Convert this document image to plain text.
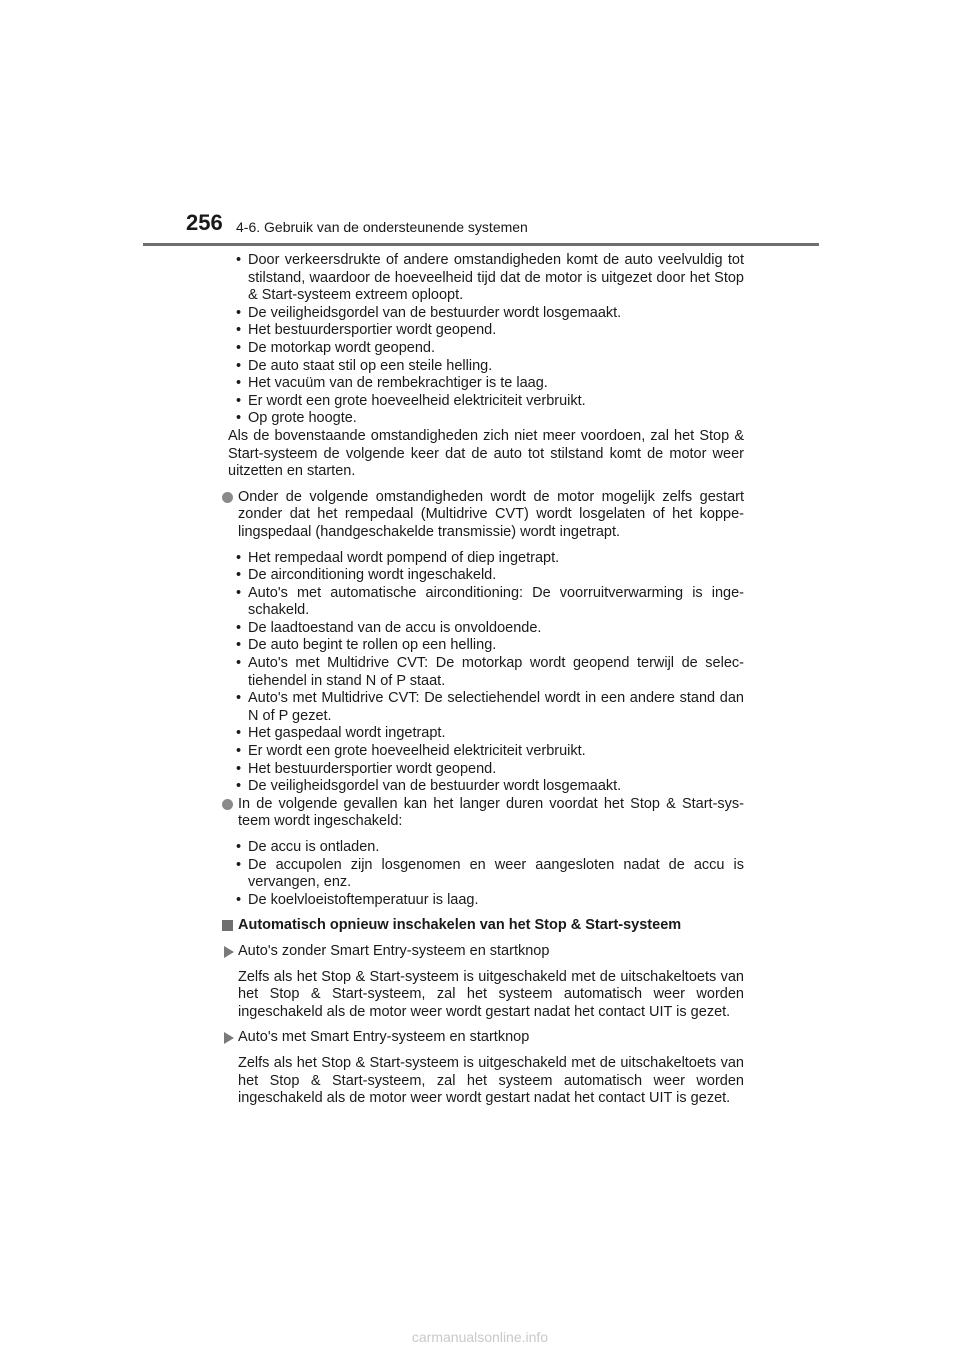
256 4-6. Gebruik van de ondersteunende systemen
• Door verkeersdrukte of andere omstandigheden komt de auto veelvuldig tot stilstand, waardoor de hoeveelheid tijd dat de motor is uitgezet door het Stop & Start-systeem extreem oploopt.
• De veiligheidsgordel van de bestuurder wordt losgemaakt.
• Het bestuurdersportier wordt geopend.
• De motorkap wordt geopend.
• De auto staat stil op een steile helling.
• Het vacuüm van de rembekrachtiger is te laag.
• Er wordt een grote hoeveelheid elektriciteit verbruikt.
• Op grote hoogte.

Als de bovenstaande omstandigheden zich niet meer voordoen, zal het Stop & Start-systeem de volgende keer dat de auto tot stilstand komt de motor weer uitzetten en starten.

Onder de volgende omstandigheden wordt de motor mogelijk zelfs gestart zonder dat het rempedaal (Multidrive CVT) wordt losgelaten of het koppe-lingspedaal (handgeschakelde transmissie) wordt ingetrapt.
• Het rempedaal wordt pompend of diep ingetrapt.
• De airconditioning wordt ingeschakeld.
• Auto's met automatische airconditioning: De voorruitverwarming is inge-schakeld.
• De laadtoestand van de accu is onvoldoende.
• De auto begint te rollen op een helling.
• Auto's met Multidrive CVT: De motorkap wordt geopend terwijl de selec-tiehendel in stand N of P staat.
• Auto's met Multidrive CVT: De selectiehendel wordt in een andere stand dan N of P gezet.
• Het gaspedaal wordt ingetrapt.
• Er wordt een grote hoeveelheid elektriciteit verbruikt.
• Het bestuurdersportier wordt geopend.
• De veiligheidsgordel van de bestuurder wordt losgemaakt.
In de volgende gevallen kan het langer duren voordat het Stop & Start-sys-teem wordt ingeschakeld:
• De accu is ontladen.
• De accupolen zijn losgenomen en weer aangesloten nadat de accu is vervangen, enz.
• De koelvloeistoftemperatuur is laag.
Automatisch opnieuw inschakelen van het Stop & Start-systeem
Auto's zonder Smart Entry-systeem en startknop

Zelfs als het Stop & Start-systeem is uitgeschakeld met de uitschakeltoets van het Stop & Start-systeem, zal het systeem automatisch weer worden ingeschakeld als de motor weer wordt gestart nadat het contact UIT is gezet.

Auto's met Smart Entry-systeem en startknop

Zelfs als het Stop & Start-systeem is uitgeschakeld met de uitschakeltoets van het Stop & Start-systeem, zal het systeem automatisch weer worden ingeschakeld als de motor weer wordt gestart nadat het contact UIT is gezet.

carmanualsonline.info
